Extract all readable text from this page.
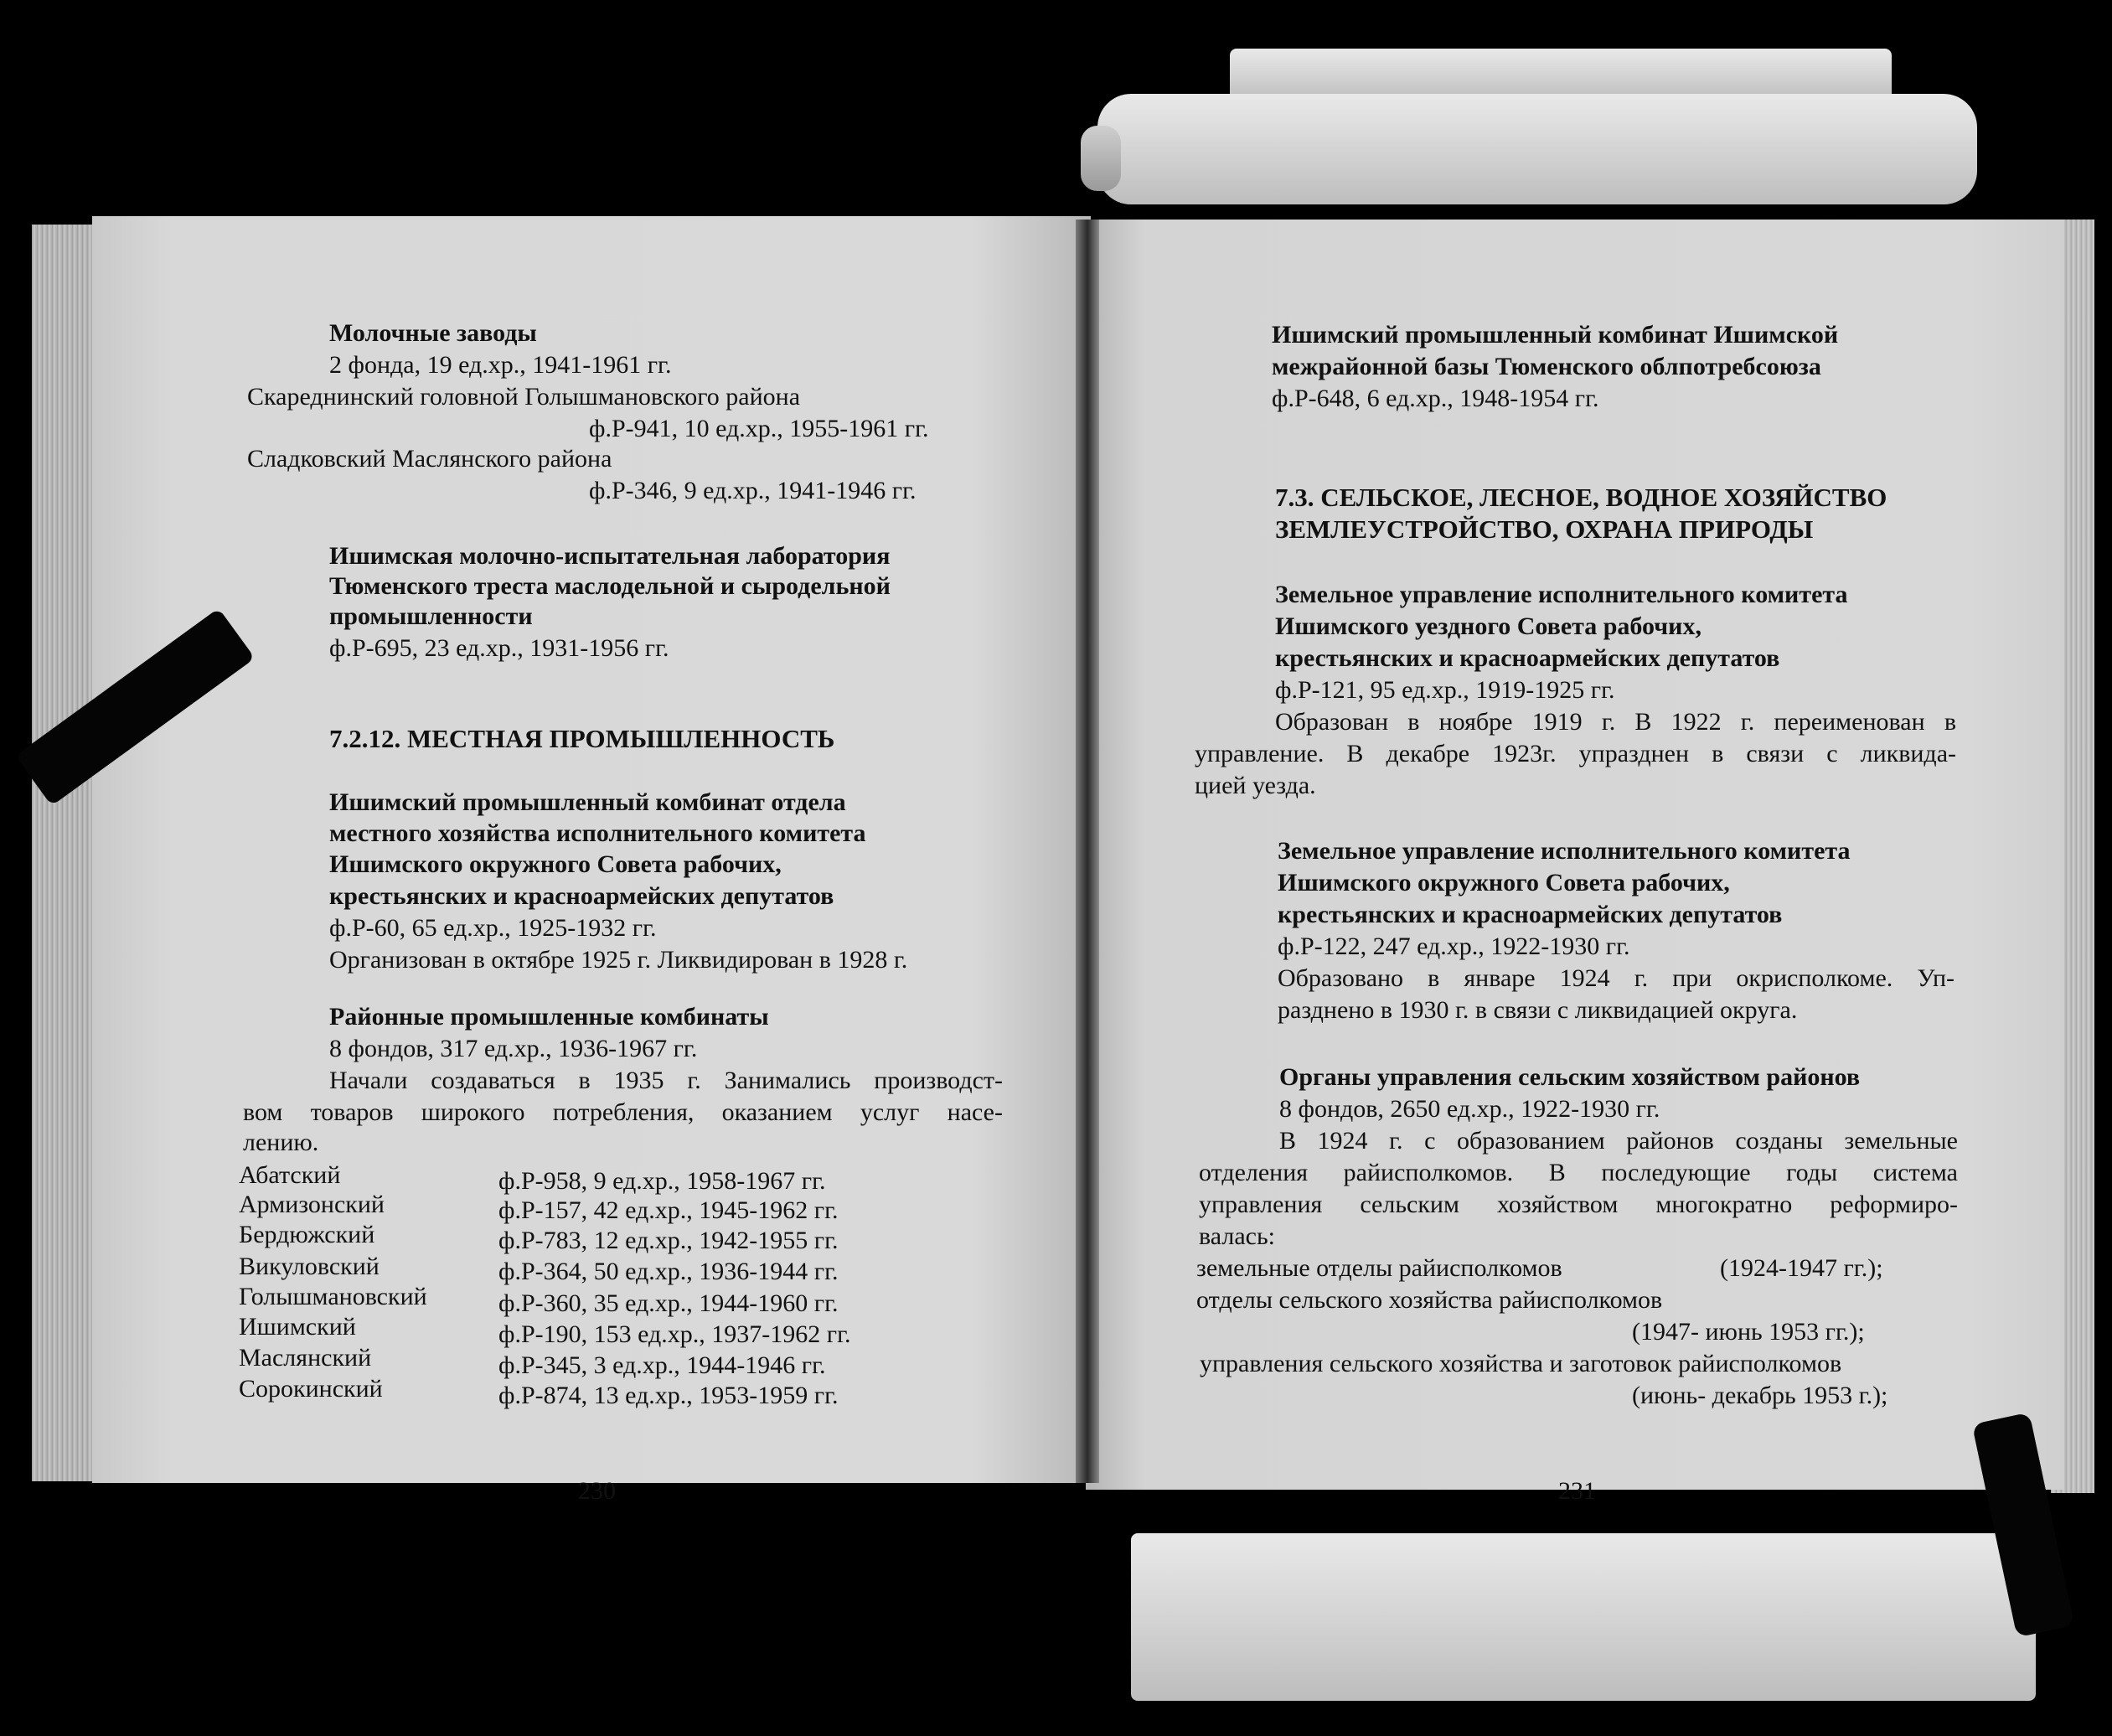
Молочные заводы
2 фонда, 19 ед.хр., 1941-1961 гг.
Скареднинский головной Голышмановского района
ф.Р-941, 10 ед.хр., 1955-1961 гг.
Сладковский Маслянского района
ф.Р-346, 9 ед.хр., 1941-1946 гг.
Ишимская молочно-испытательная лаборатория
Тюменского треста маслодельной и сыродельной
промышленности
ф.Р-695, 23 ед.хр., 1931-1956 гг.
7.2.12. МЕСТНАЯ ПРОМЫШЛЕННОСТЬ
Ишимский промышленный комбинат отдела
местного хозяйства исполнительного комитета
Ишимского окружного Совета рабочих,
крестьянских и красноармейских депутатов
ф.Р-60, 65 ед.хр., 1925-1932 гг.
Организован в октябре 1925 г. Ликвидирован в 1928 г.
Районные промышленные комбинаты
8 фондов, 317 ед.хр., 1936-1967 гг.
Начали создаваться в 1935 г. Занимались производст-
вом товаров широкого потребления, оказанием услуг насе-
лению.
Абатский	ф.Р-958, 9 ед.хр., 1958-1967 гг.
Армизонский	ф.Р-157, 42 ед.хр., 1945-1962 гг.
Бердюжский	ф.Р-783, 12 ед.хр., 1942-1955 гг.
Викуловский	ф.Р-364, 50 ед.хр., 1936-1944 гг.
Голышмановский	ф.Р-360, 35 ед.хр., 1944-1960 гг.
Ишимский	ф.Р-190, 153 ед.хр., 1937-1962 гг.
Маслянский	ф.Р-345, 3 ед.хр., 1944-1946 гг.
Сорокинский	ф.Р-874, 13 ед.хр., 1953-1959 гг.
230
Ишимский промышленный комбинат Ишимской
межрайонной базы Тюменского облпотребсоюза
ф.Р-648, 6 ед.хр., 1948-1954 гг.
7.3. СЕЛЬСКОЕ, ЛЕСНОЕ, ВОДНОЕ ХОЗЯЙСТВО
ЗЕМЛЕУСТРОЙСТВО, ОХРАНА ПРИРОДЫ
Земельное управление исполнительного комитета
Ишимского уездного Совета рабочих,
крестьянских и красноармейских депутатов
ф.Р-121, 95 ед.хр., 1919-1925 гг.
Образован в ноябре 1919 г. В 1922 г. переименован в
управление. В декабре 1923г. упразднен в связи с ликвида-
цией уезда.
Земельное управление исполнительного комитета
Ишимского окружного Совета рабочих,
крестьянских и красноармейских депутатов
ф.Р-122, 247 ед.хр., 1922-1930 гг.
Образовано в январе 1924 г. при окрисполкоме. Уп-
разднено в 1930 г. в связи с ликвидацией округа.
Органы управления сельским хозяйством районов
8 фондов, 2650 ед.хр., 1922-1930 гг.
В 1924 г. с образованием районов созданы земельные
отделения райисполкомов. В последующие годы система
управления сельским хозяйством многократно реформиро-
валась:
земельные отделы райисполкомов	(1924-1947 гг.);
отделы сельского хозяйства райисполкомов
(1947- июнь 1953 гг.);
управления сельского хозяйства и заготовок райисполкомов
(июнь- декабрь 1953 г.);
231
